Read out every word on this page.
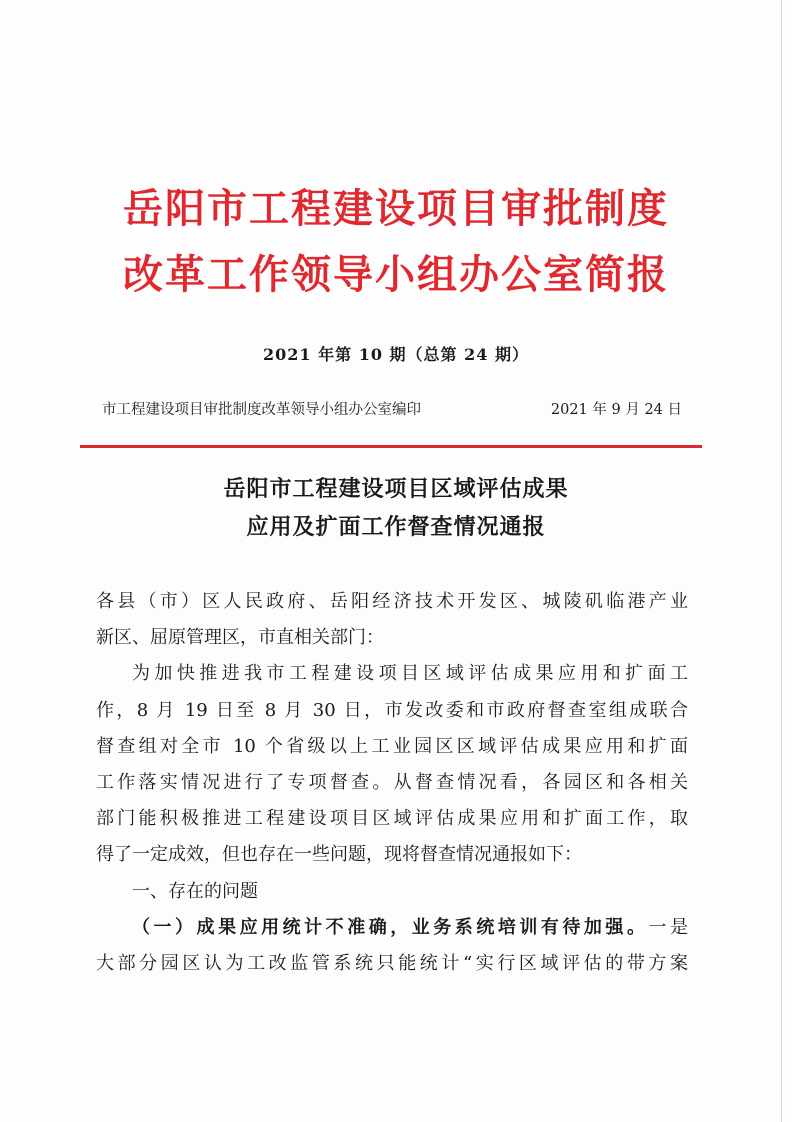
岳阳市工程建设项目审批制度
改革工作领导小组办公室简报
2021 年第 10 期（总第 24 期）
市工程建设项目审批制度改革领导小组办公室编印	2021 年 9 月 24 日
岳阳市工程建设项目区域评估成果
应用及扩面工作督查情况通报

各县（市）区人民政府、岳阳经济技术开发区、城陵矶临港产业

新区、屈原管理区，市直相关部门：

为加快推进我市工程建设项目区域评估成果应用和扩面工

作，8 月 19 日至 8 月 30 日，市发改委和市政府督查室组成联合

督查组对全市 10 个省级以上工业园区区域评估成果应用和扩面

工作落实情况进行了专项督查。从督查情况看，各园区和各相关

部门能积极推进工程建设项目区域评估成果应用和扩面工作，取

得了一定成效，但也存在一些问题，现将督查情况通报如下：

一、存在的问题

（一）成果应用统计不准确，业务系统培训有待加强。一是

大部分园区认为工改监管系统只能统计“实行区域评估的带方案
